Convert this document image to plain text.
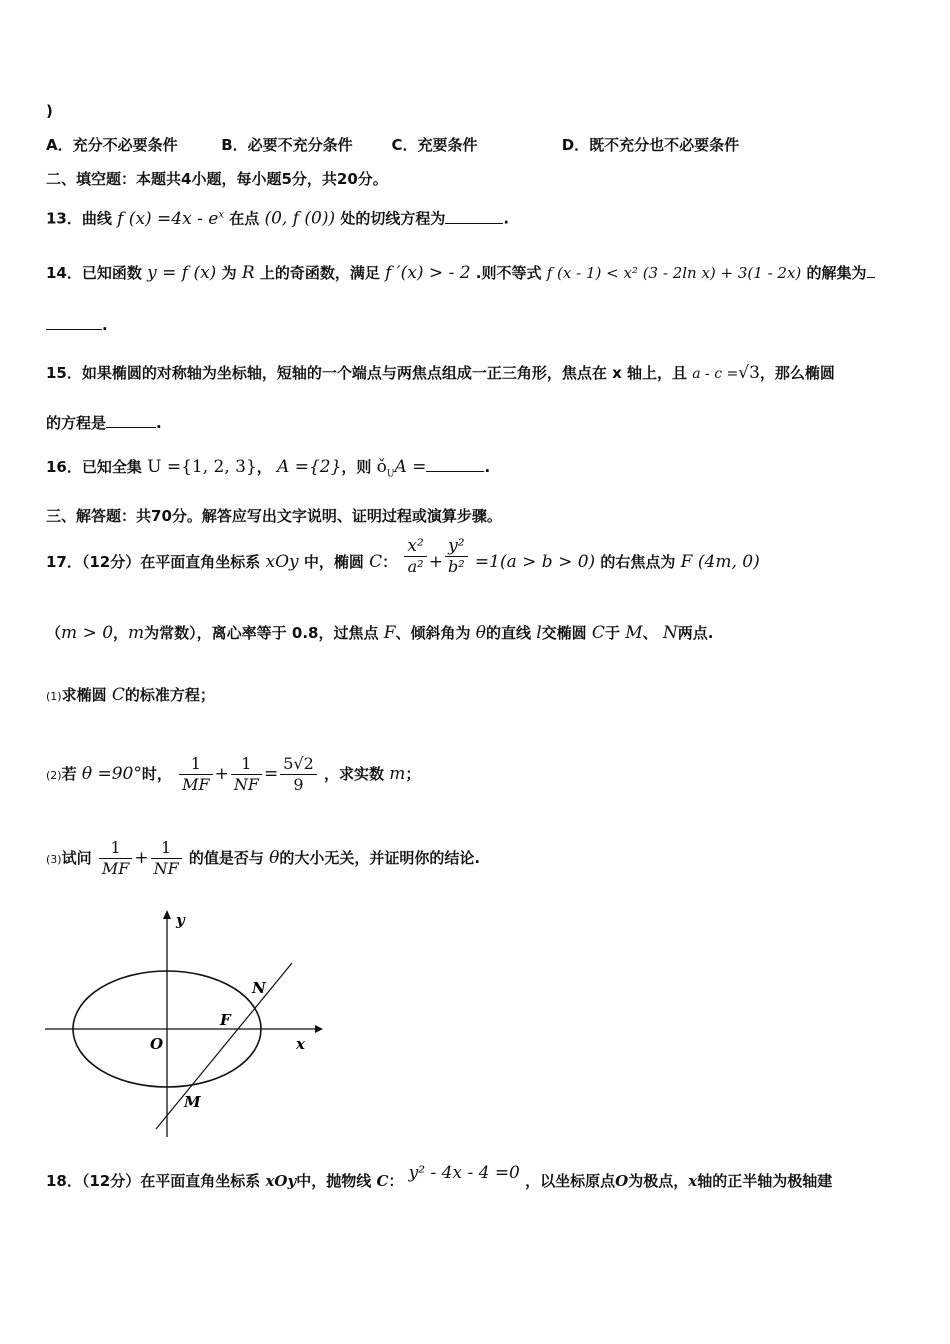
)
A．充分不必要条件	B．必要不充分条件	C．充要条件	D．既不充分也不必要条件
二、填空题：本题共4小题，每小题5分，共20分。
13．曲线 f $(x) =4x - e^x$ 在点 (0, f (0)) 处的切线方程为	.
14．已知函数 y = f (x) 为 R 上的奇函数，满足 f ′(x) > - 2 .则不等式 f (x - 1) < x² (3 - 2ln x) + 3(1 - 2x) 的解集为
.
15．如果椭圆的对称轴为坐标轴，短轴的一个端点与两焦点组成一正三角形，焦点在 x 轴上，且 a - c =√3，那么椭圆
的方程是	.
16．已知全集 U ={1, 2, 3}， A ={2}，则 $ǒ_UA$ =	.
三、解答题：共70分。解答应写出文字说明、证明过程或演算步骤。
17．（12分）在平面直角坐标系 xOy 中，椭圆 C： $\frac{\text{x²}}{\text{a²}} + \frac{\text{y²}}{\text{b²}} =1(a > b > 0)$ 的右焦点为 F (4m, 0)
（m > 0，m为常数），离心率等于 0.8，过焦点 F、倾斜角为 θ的直线 l交椭圆 C于 M、 N两点.
(1)求椭圆 C的标准方程；
(2)若 θ =90°时， $\frac{1}{MF} + \frac{1}{NF} = \frac{5√2}{9}$ ，求实数 m；
(3)试问 $\frac{1}{MF} + \frac{1}{NF}$ 的值是否与 θ的大小无关，并证明你的结论.
y
x
O
F
N
M
18．（12分）在平面直角坐标系 xOy中，抛物线 C： y² - 4x - 4 =0 ，以坐标原点O为极点，x轴的正半轴为极轴建
